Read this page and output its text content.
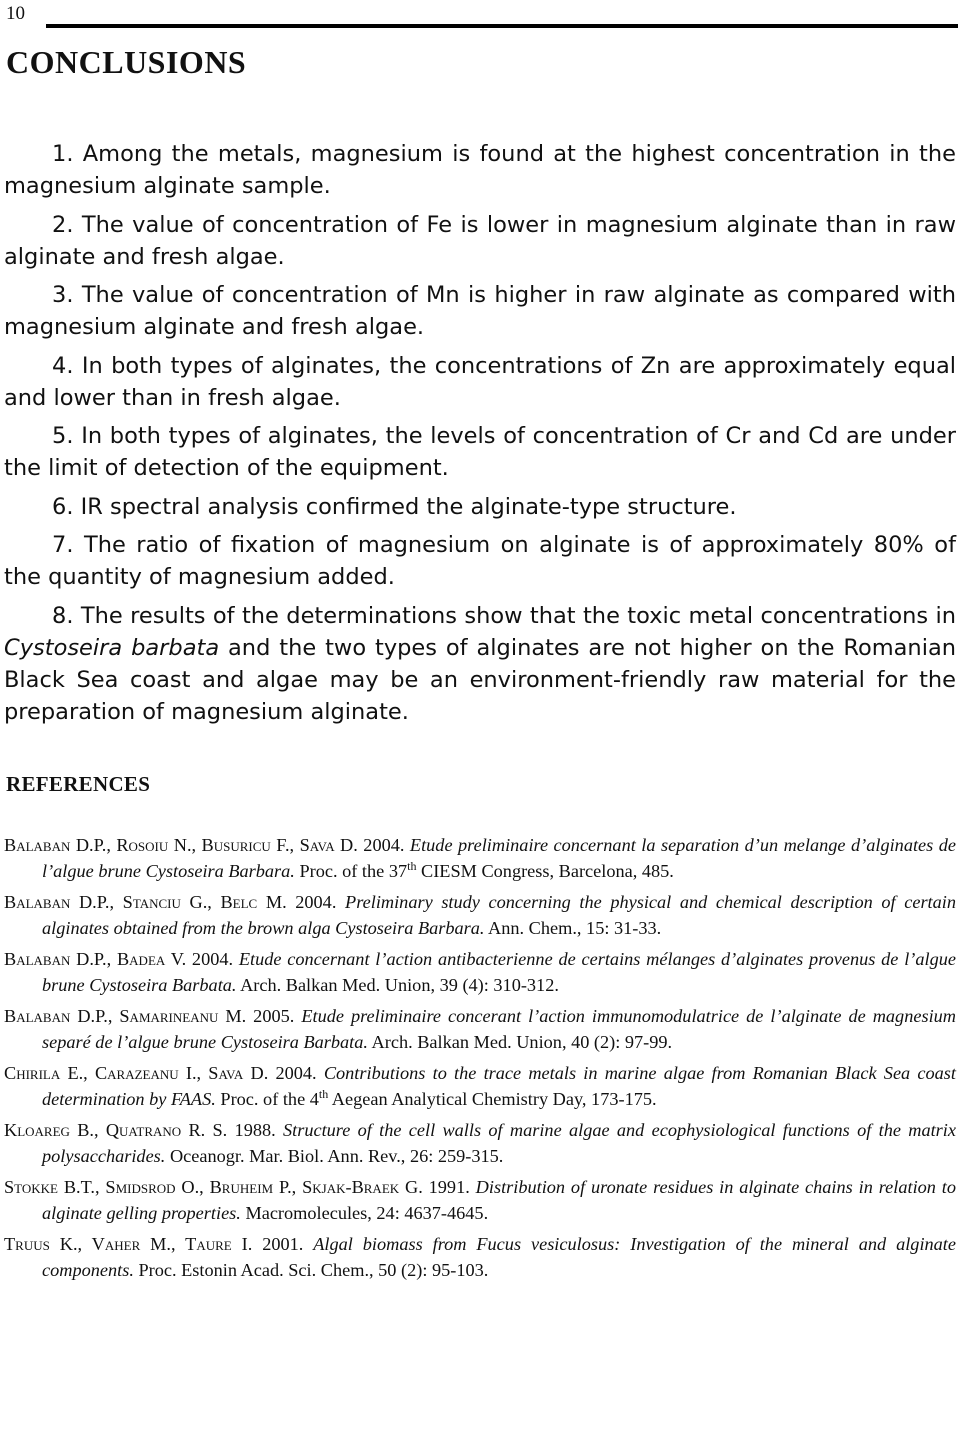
10
CONCLUSIONS
1. Among the metals, magnesium is found at the highest concentration in the magnesium alginate sample.
2. The value of concentration of Fe is lower in magnesium alginate than in raw alginate and fresh algae.
3. The value of concentration of Mn is higher in raw alginate as compared with magnesium alginate and fresh algae.
4. In both types of alginates, the concentrations of Zn are approximately equal and lower than in fresh algae.
5. In both types of alginates, the levels of concentration of Cr and Cd are under the limit of detection of the equipment.
6. IR spectral analysis confirmed the alginate-type structure.
7. The ratio of fixation of magnesium on alginate is of approximately 80% of the quantity of magnesium added.
8. The results of the determinations show that the toxic metal concentrations in Cystoseira barbata and the two types of alginates are not higher on the Romanian Black Sea coast and algae may be an environment-friendly raw material for the preparation of magnesium alginate.
REFERENCES
Balaban D.P., Rosoiu N., Busuricu F., Sava D. 2004. Etude preliminaire concernant la separation d’un melange d’alginates de l’algue brune Cystoseira Barbara. Proc. of the 37th CIESM Congress, Barcelona, 485.
Balaban D.P., Stanciu G., Belc M. 2004. Preliminary study concerning the physical and chemical description of certain alginates obtained from the brown alga Cystoseira Barbara. Ann. Chem., 15: 31-33.
Balaban D.P., Badea V. 2004. Etude concernant l’action antibacterienne de certains mélanges d’alginates provenus de l’algue brune Cystoseira Barbata. Arch. Balkan Med. Union, 39 (4): 310-312.
Balaban D.P., Samarineanu M. 2005. Etude preliminaire concerant l’action immunomodulatrice de l’alginate de magnesium separé de l’algue brune Cystoseira Barbata. Arch. Balkan Med. Union, 40 (2): 97-99.
Chirila E., Carazeanu I., Sava D. 2004. Contributions to the trace metals in marine algae from Romanian Black Sea coast determination by FAAS. Proc. of the 4th Aegean Analytical Chemistry Day, 173-175.
Kloareg B., Quatrano R. S. 1988. Structure of the cell walls of marine algae and ecophysiological functions of the matrix polysaccharides. Oceanogr. Mar. Biol. Ann. Rev., 26: 259-315.
Stokke B.T., Smidsrod O., Bruheim P., Skjak-Braek G. 1991. Distribution of uronate residues in alginate chains in relation to alginate gelling properties. Macromolecules, 24: 4637-4645.
Truus K., Vaher M., Taure I. 2001. Algal biomass from Fucus vesiculosus: Investigation of the mineral and alginate components. Proc. Estonin Acad. Sci. Chem., 50 (2): 95-103.
